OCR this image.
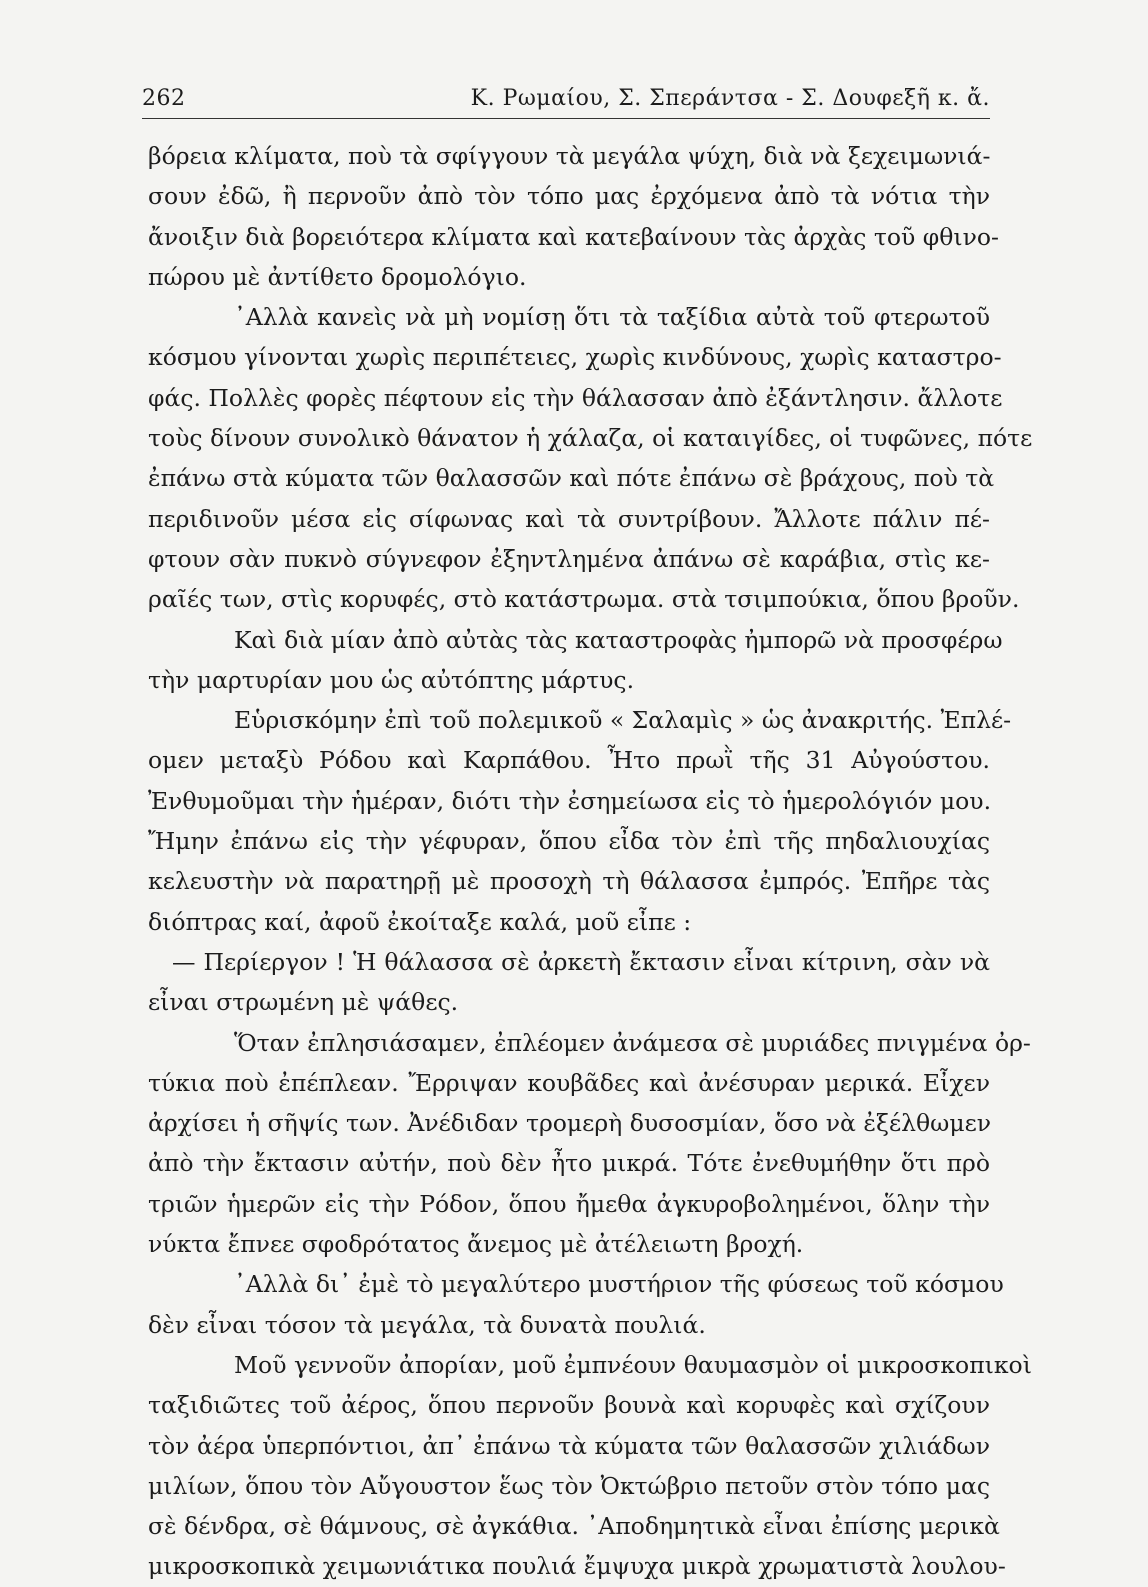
262	Κ. Ρωμαίου, Σ. Σπεράντσα - Σ. Δουφεξῆ κ. ἄ.
βόρεια κλίματα, ποὺ τὰ σφίγγουν τὰ μεγάλα ψύχη, διὰ νὰ ξεχειμωνιά-
σουν ἐδῶ, ἢ περνοῦν ἀπὸ τὸν τόπο μας ἐρχόμενα ἀπὸ τὰ νότια τὴν
ἄνοιξιν διὰ βορειότερα κλίματα καὶ κατεβαίνουν τὰς ἀρχὰς τοῦ φθινο-
πώρου μὲ ἀντίθετο δρομολόγιο.
᾿Αλλὰ κανεὶς νὰ μὴ νομίσῃ ὅτι τὰ ταξίδια αὐτὰ τοῦ φτερωτοῦ
κόσμου γίνονται χωρὶς περιπέτειες, χωρὶς κινδύνους, χωρὶς καταστρο-
φάς. Πολλὲς φορὲς πέφτουν εἰς τὴν θάλασσαν ἀπὸ ἐξάντλησιν. ἄλλοτε
τοὺς δίνουν συνολικὸ θάνατον ἡ χάλαζα, οἱ καταιγίδες, οἱ τυφῶνες, πότε
ἐπάνω στὰ κύματα τῶν θαλασσῶν καὶ πότε ἐπάνω σὲ βράχους, ποὺ τὰ
περιδινοῦν μέσα εἰς σίφωνας καὶ τὰ συντρίβουν. Ἄλλοτε πάλιν πέ-
φτουν σὰν πυκνὸ σύγνεφον ἐξηντλημένα ἀπάνω σὲ καράβια, στὶς κε-
ραῖές των, στὶς κορυφές, στὸ κατάστρωμα. στὰ τσιμπούκια, ὅπου βροῦν.
Καὶ διὰ μίαν ἀπὸ αὐτὰς τὰς καταστροφὰς ἠμπορῶ νὰ προσφέρω
τὴν μαρτυρίαν μου ὡς αὐτόπτης μάρτυς.
Εὑρισκόμην ἐπὶ τοῦ πολεμικοῦ « Σαλαμὶς » ὡς ἀνακριτής. Ἐπλέ-
ομεν μεταξὺ Ρόδου καὶ Καρπάθου. Ἦτο πρωῒ τῆς 31 Αὐγούστου.
Ἐνθυμοῦμαι τὴν ἡμέραν, διότι τὴν ἐσημείωσα εἰς τὸ ἡμερολόγιόν μου.
Ἤμην ἐπάνω εἰς τὴν γέφυραν, ὅπου εἶδα τὸν ἐπὶ τῆς πηδαλιουχίας
κελευστὴν νὰ παρατηρῇ μὲ προσοχὴ τὴ θάλασσα ἐμπρός. Ἐπῆρε τὰς
διόπτρας καί, ἀφοῦ ἐκοίταξε καλά, μοῦ εἶπε :
— Περίεργον ! Ἡ θάλασσα σὲ ἀρκετὴ ἔκτασιν εἶναι κίτρινη, σὰν νὰ
εἶναι στρωμένη μὲ ψάθες.
Ὅταν ἐπλησιάσαμεν, ἐπλέομεν ἀνάμεσα σὲ μυριάδες πνιγμένα ὀρ-
τύκια ποὺ ἐπέπλεαν. Ἔρριψαν κουβᾶδες καὶ ἀνέσυραν μερικά. Εἶχεν
ἀρχίσει ἡ σῆψίς των. Ἀνέδιδαν τρομερὴ δυσοσμίαν, ὅσο νὰ ἐξέλθωμεν
ἀπὸ τὴν ἔκτασιν αὐτήν, ποὺ δὲν ἦτο μικρά. Τότε ἐνεθυμήθην ὅτι πρὸ
τριῶν ἡμερῶν εἰς τὴν Ρόδον, ὅπου ἤμεθα ἀγκυροβολημένοι, ὅλην τὴν
νύκτα ἔπνεε σφοδρότατος ἄνεμος μὲ ἀτέλειωτη βροχή.
᾿Αλλὰ δι᾿ ἐμὲ τὸ μεγαλύτερο μυστήριον τῆς φύσεως τοῦ κόσμου
δὲν εἶναι τόσον τὰ μεγάλα, τὰ δυνατὰ πουλιά.
Μοῦ γεννοῦν ἀπορίαν, μοῦ ἐμπνέουν θαυμασμὸν οἱ μικροσκοπικοὶ
ταξιδιῶτες τοῦ ἀέρος, ὅπου περνοῦν βουνὰ καὶ κορυφὲς καὶ σχίζουν
τὸν ἀέρα ὑπερπόντιοι, ἀπ᾿ ἐπάνω τὰ κύματα τῶν θαλασσῶν χιλιάδων
μιλίων, ὅπου τὸν Αὔγουστον ἕως τὸν Ὀκτώβριο πετοῦν στὸν τόπο μας
σὲ δένδρα, σὲ θάμνους, σὲ ἀγκάθια. ᾿Αποδημητικὰ εἶναι ἐπίσης μερικὰ
μικροσκοπικὰ χειμωνιάτικα πουλιά ἔμψυχα μικρὰ χρωματιστὰ λουλου-
